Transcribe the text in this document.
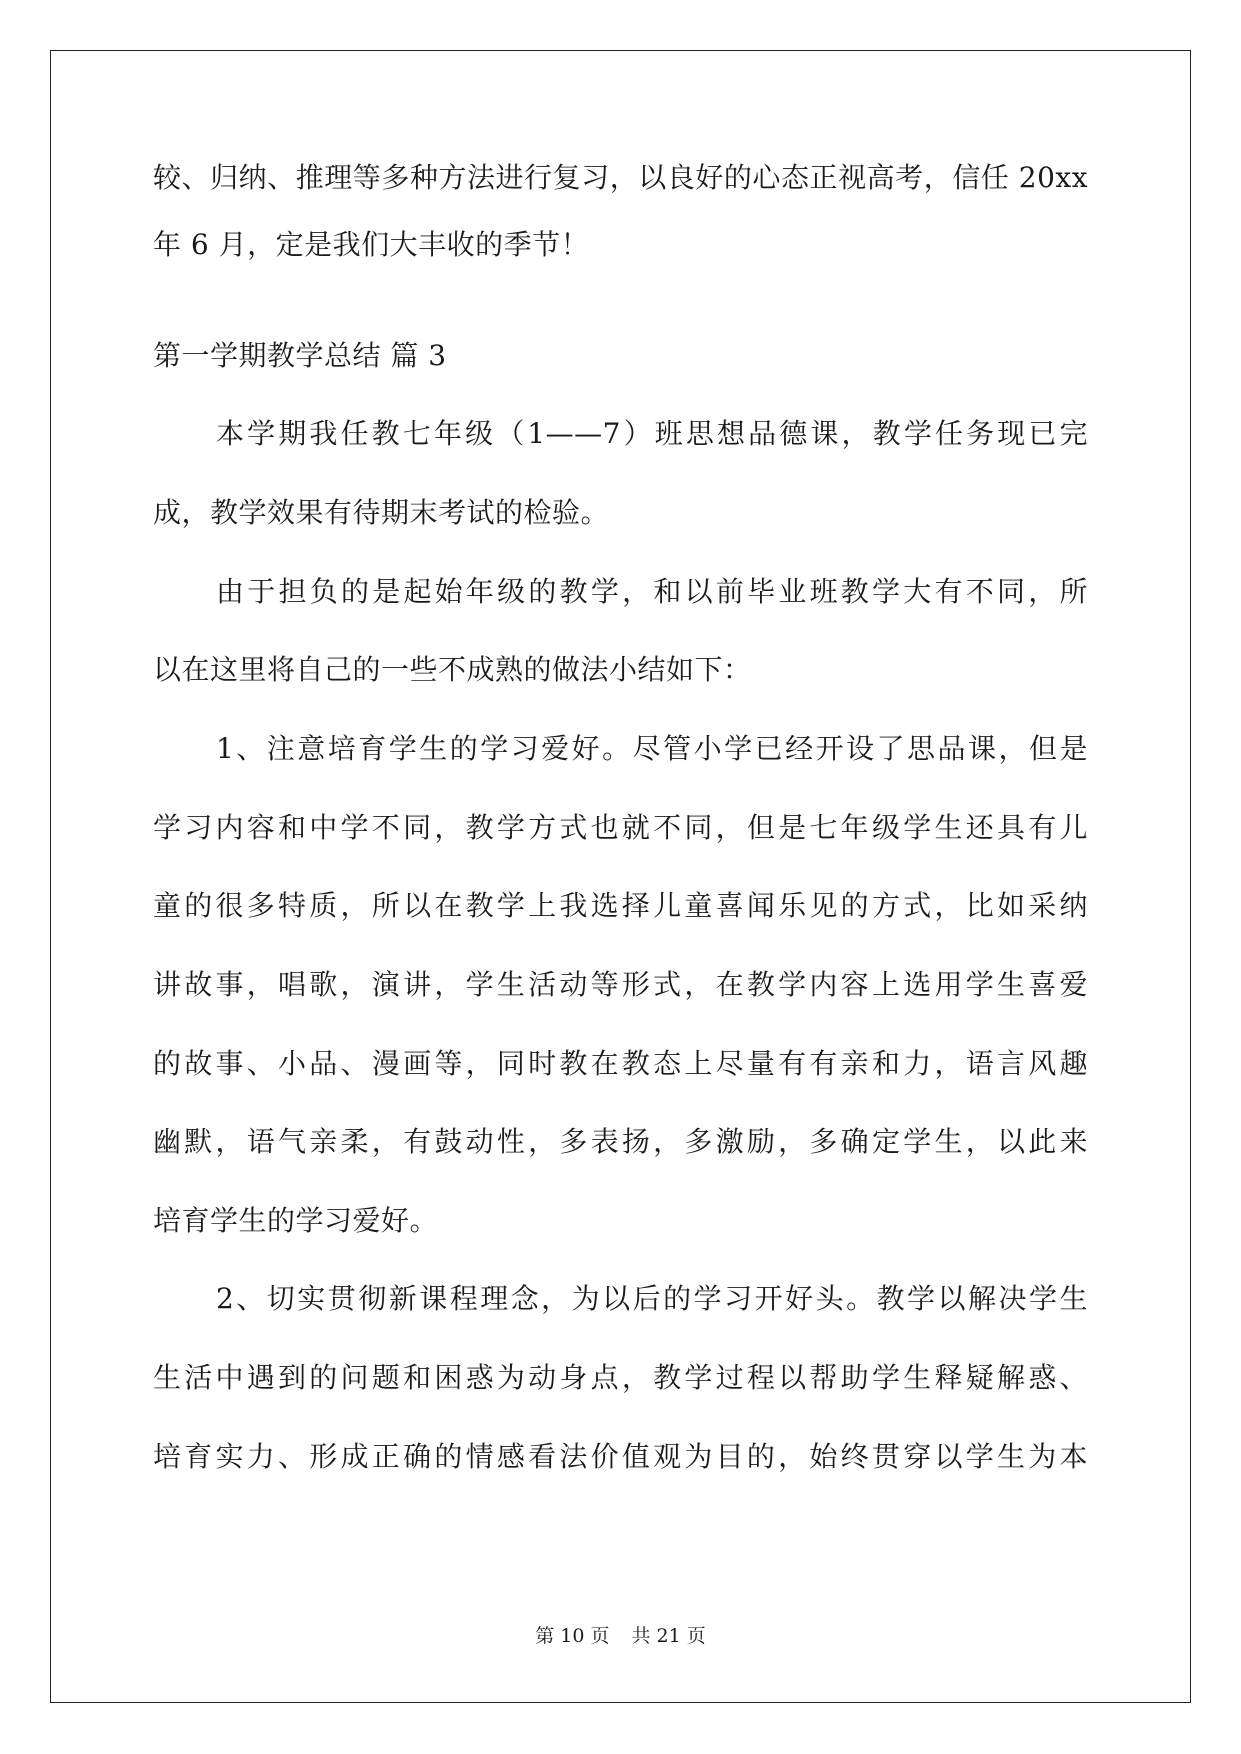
较、归纳、推理等多种方法进行复习，以良好的心态正视高考，信任 20xx
年 6 月，定是我们大丰收的季节！
第一学期教学总结 篇 3
本学期我任教七年级（1——7）班思想品德课，教学任务现已完
成，教学效果有待期末考试的检验。
由于担负的是起始年级的教学，和以前毕业班教学大有不同，所
以在这里将自己的一些不成熟的做法小结如下：
1、注意培育学生的学习爱好。尽管小学已经开设了思品课，但是
学习内容和中学不同，教学方式也就不同，但是七年级学生还具有儿
童的很多特质，所以在教学上我选择儿童喜闻乐见的方式，比如采纳
讲故事，唱歌，演讲，学生活动等形式，在教学内容上选用学生喜爱
的故事、小品、漫画等，同时教在教态上尽量有有亲和力，语言风趣
幽默，语气亲柔，有鼓动性，多表扬，多激励，多确定学生，以此来
培育学生的学习爱好。
2、切实贯彻新课程理念，为以后的学习开好头。教学以解决学生
生活中遇到的问题和困惑为动身点，教学过程以帮助学生释疑解惑、
培育实力、形成正确的情感看法价值观为目的，始终贯穿以学生为本
第 10 页 共 21 页
